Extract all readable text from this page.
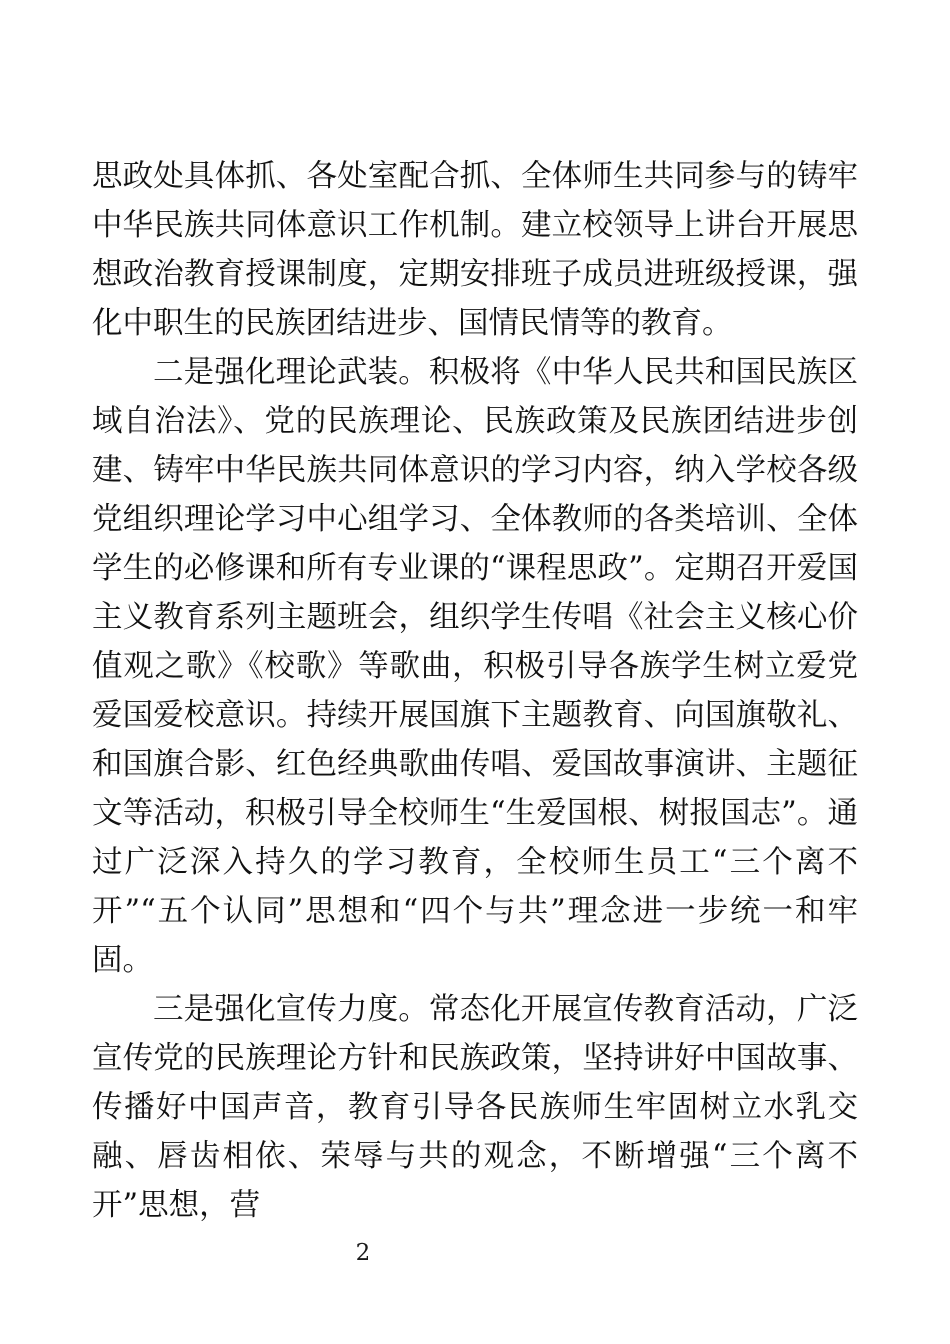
思政处具体抓、各处室配合抓、全体师生共同参与的铸牢中华民族共同体意识工作机制。建立校领导上讲台开展思想政治教育授课制度，定期安排班子成员进班级授课，强化中职生的民族团结进步、国情民情等的教育。

二是强化理论武装。积极将《中华人民共和国民族区域自治法》、党的民族理论、民族政策及民族团结进步创建、铸牢中华民族共同体意识的学习内容，纳入学校各级党组织理论学习中心组学习、全体教师的各类培训、全体学生的必修课和所有专业课的“课程思政”。定期召开爱国主义教育系列主题班会，组织学生传唱《社会主义核心价值观之歌》《校歌》等歌曲，积极引导各族学生树立爱党爱国爱校意识。持续开展国旗下主题教育、向国旗敬礼、和国旗合影、红色经典歌曲传唱、爱国故事演讲、主题征文等活动，积极引导全校师生“生爱国根、树报国志”。通过广泛深入持久的学习教育，全校师生员工“三个离不开”“五个认同”思想和“四个与共”理念进一步统一和牢固。

三是强化宣传力度。常态化开展宣传教育活动，广泛宣传党的民族理论方针和民族政策，坚持讲好中国故事、传播好中国声音，教育引导各民族师生牢固树立水乳交融、唇齿相依、荣辱与共的观念，不断增强“三个离不开”思想，营

2
